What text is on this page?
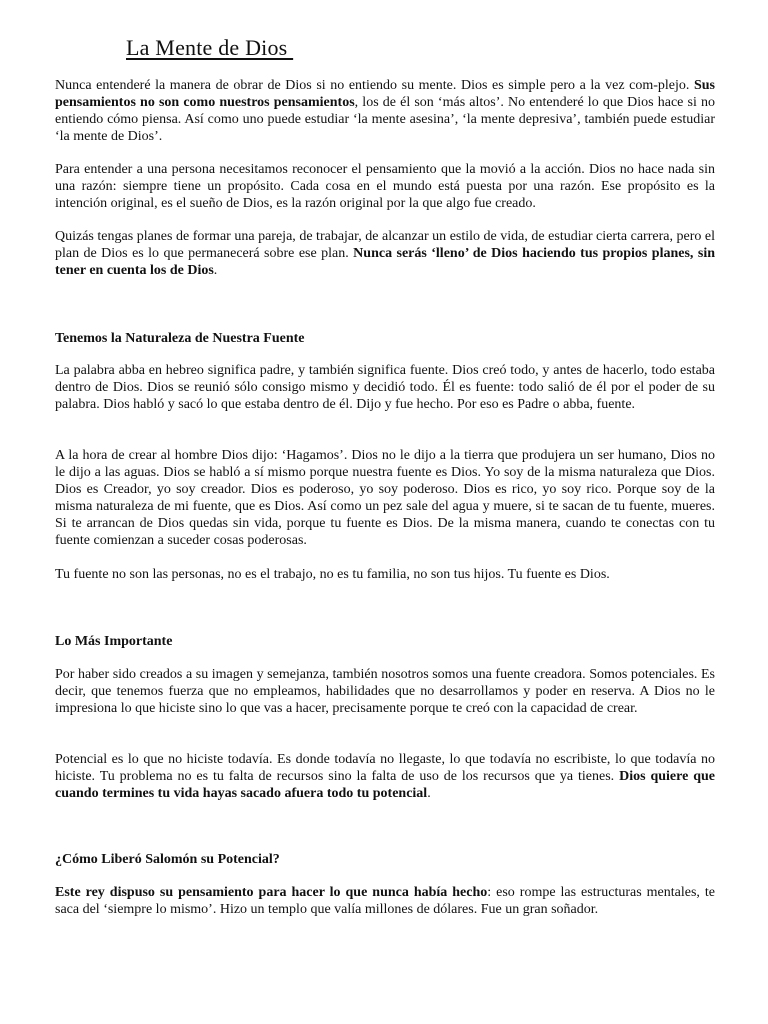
La Mente de Dios

Nunca entenderé la manera de obrar de Dios si no entiendo su mente. Dios es simple pero a la vez com-plejo. Sus pensamientos no son como nuestros pensamientos, los de él son ‘más altos’. No entenderé lo que Dios hace si no entiendo cómo piensa. Así como uno puede estudiar ‘la mente asesina’, ‘la mente depresiva’, también puede estudiar ‘la mente de Dios’.

Para entender a una persona necesitamos reconocer el pensamiento que la movió a la acción. Dios no hace nada sin una razón: siempre tiene un propósito. Cada cosa en el mundo está puesta por una razón. Ese propósito es la intención original, es el sueño de Dios, es la razón original por la que algo fue creado.

Quizás tengas planes de formar una pareja, de trabajar, de alcanzar un estilo de vida, de estudiar cierta carrera, pero el plan de Dios es lo que permanecerá sobre ese plan. Nunca serás ‘lleno’ de Dios haciendo tus propios planes, sin tener en cuenta los de Dios.

Tenemos la Naturaleza de Nuestra Fuente

La palabra abba en hebreo significa padre, y también significa fuente. Dios creó todo, y antes de hacerlo, todo estaba dentro de Dios. Dios se reunió sólo consigo mismo y decidió todo. Él es fuente: todo salió de él por el poder de su palabra. Dios habló y sacó lo que estaba dentro de él. Dijo y fue hecho. Por eso es Padre o abba, fuente.

A la hora de crear al hombre Dios dijo: ‘Hagamos’. Dios no le dijo a la tierra que produjera un ser humano, Dios no le dijo a las aguas. Dios se habló a sí mismo porque nuestra fuente es Dios. Yo soy de la misma naturaleza que Dios. Dios es Creador, yo soy creador. Dios es poderoso, yo soy poderoso. Dios es rico, yo soy rico. Porque soy de la misma naturaleza de mi fuente, que es Dios. Así como un pez sale del agua y muere, si te sacan de tu fuente, mueres. Si te arrancan de Dios quedas sin vida, porque tu fuente es Dios. De la misma manera, cuando te conectas con tu fuente comienzan a suceder cosas poderosas.

Tu fuente no son las personas, no es el trabajo, no es tu familia, no son tus hijos. Tu fuente es Dios.

Lo Más Importante

Por haber sido creados a su imagen y semejanza, también nosotros somos una fuente creadora. Somos potenciales. Es decir, que tenemos fuerza que no empleamos, habilidades que no desarrollamos y poder en reserva. A Dios no le impresiona lo que hiciste sino lo que vas a hacer, precisamente porque te creó con la capacidad de crear.

Potencial es lo que no hiciste todavía. Es donde todavía no llegaste, lo que todavía no escribiste, lo que todavía no hiciste. Tu problema no es tu falta de recursos sino la falta de uso de los recursos que ya tienes. Dios quiere que cuando termines tu vida hayas sacado afuera todo tu potencial.

¿Cómo Liberó Salomón su Potencial?

Este rey dispuso su pensamiento para hacer lo que nunca había hecho: eso rompe las estructuras mentales, te saca del ‘siempre lo mismo’. Hizo un templo que valía millones de dólares. Fue un gran soñador.
